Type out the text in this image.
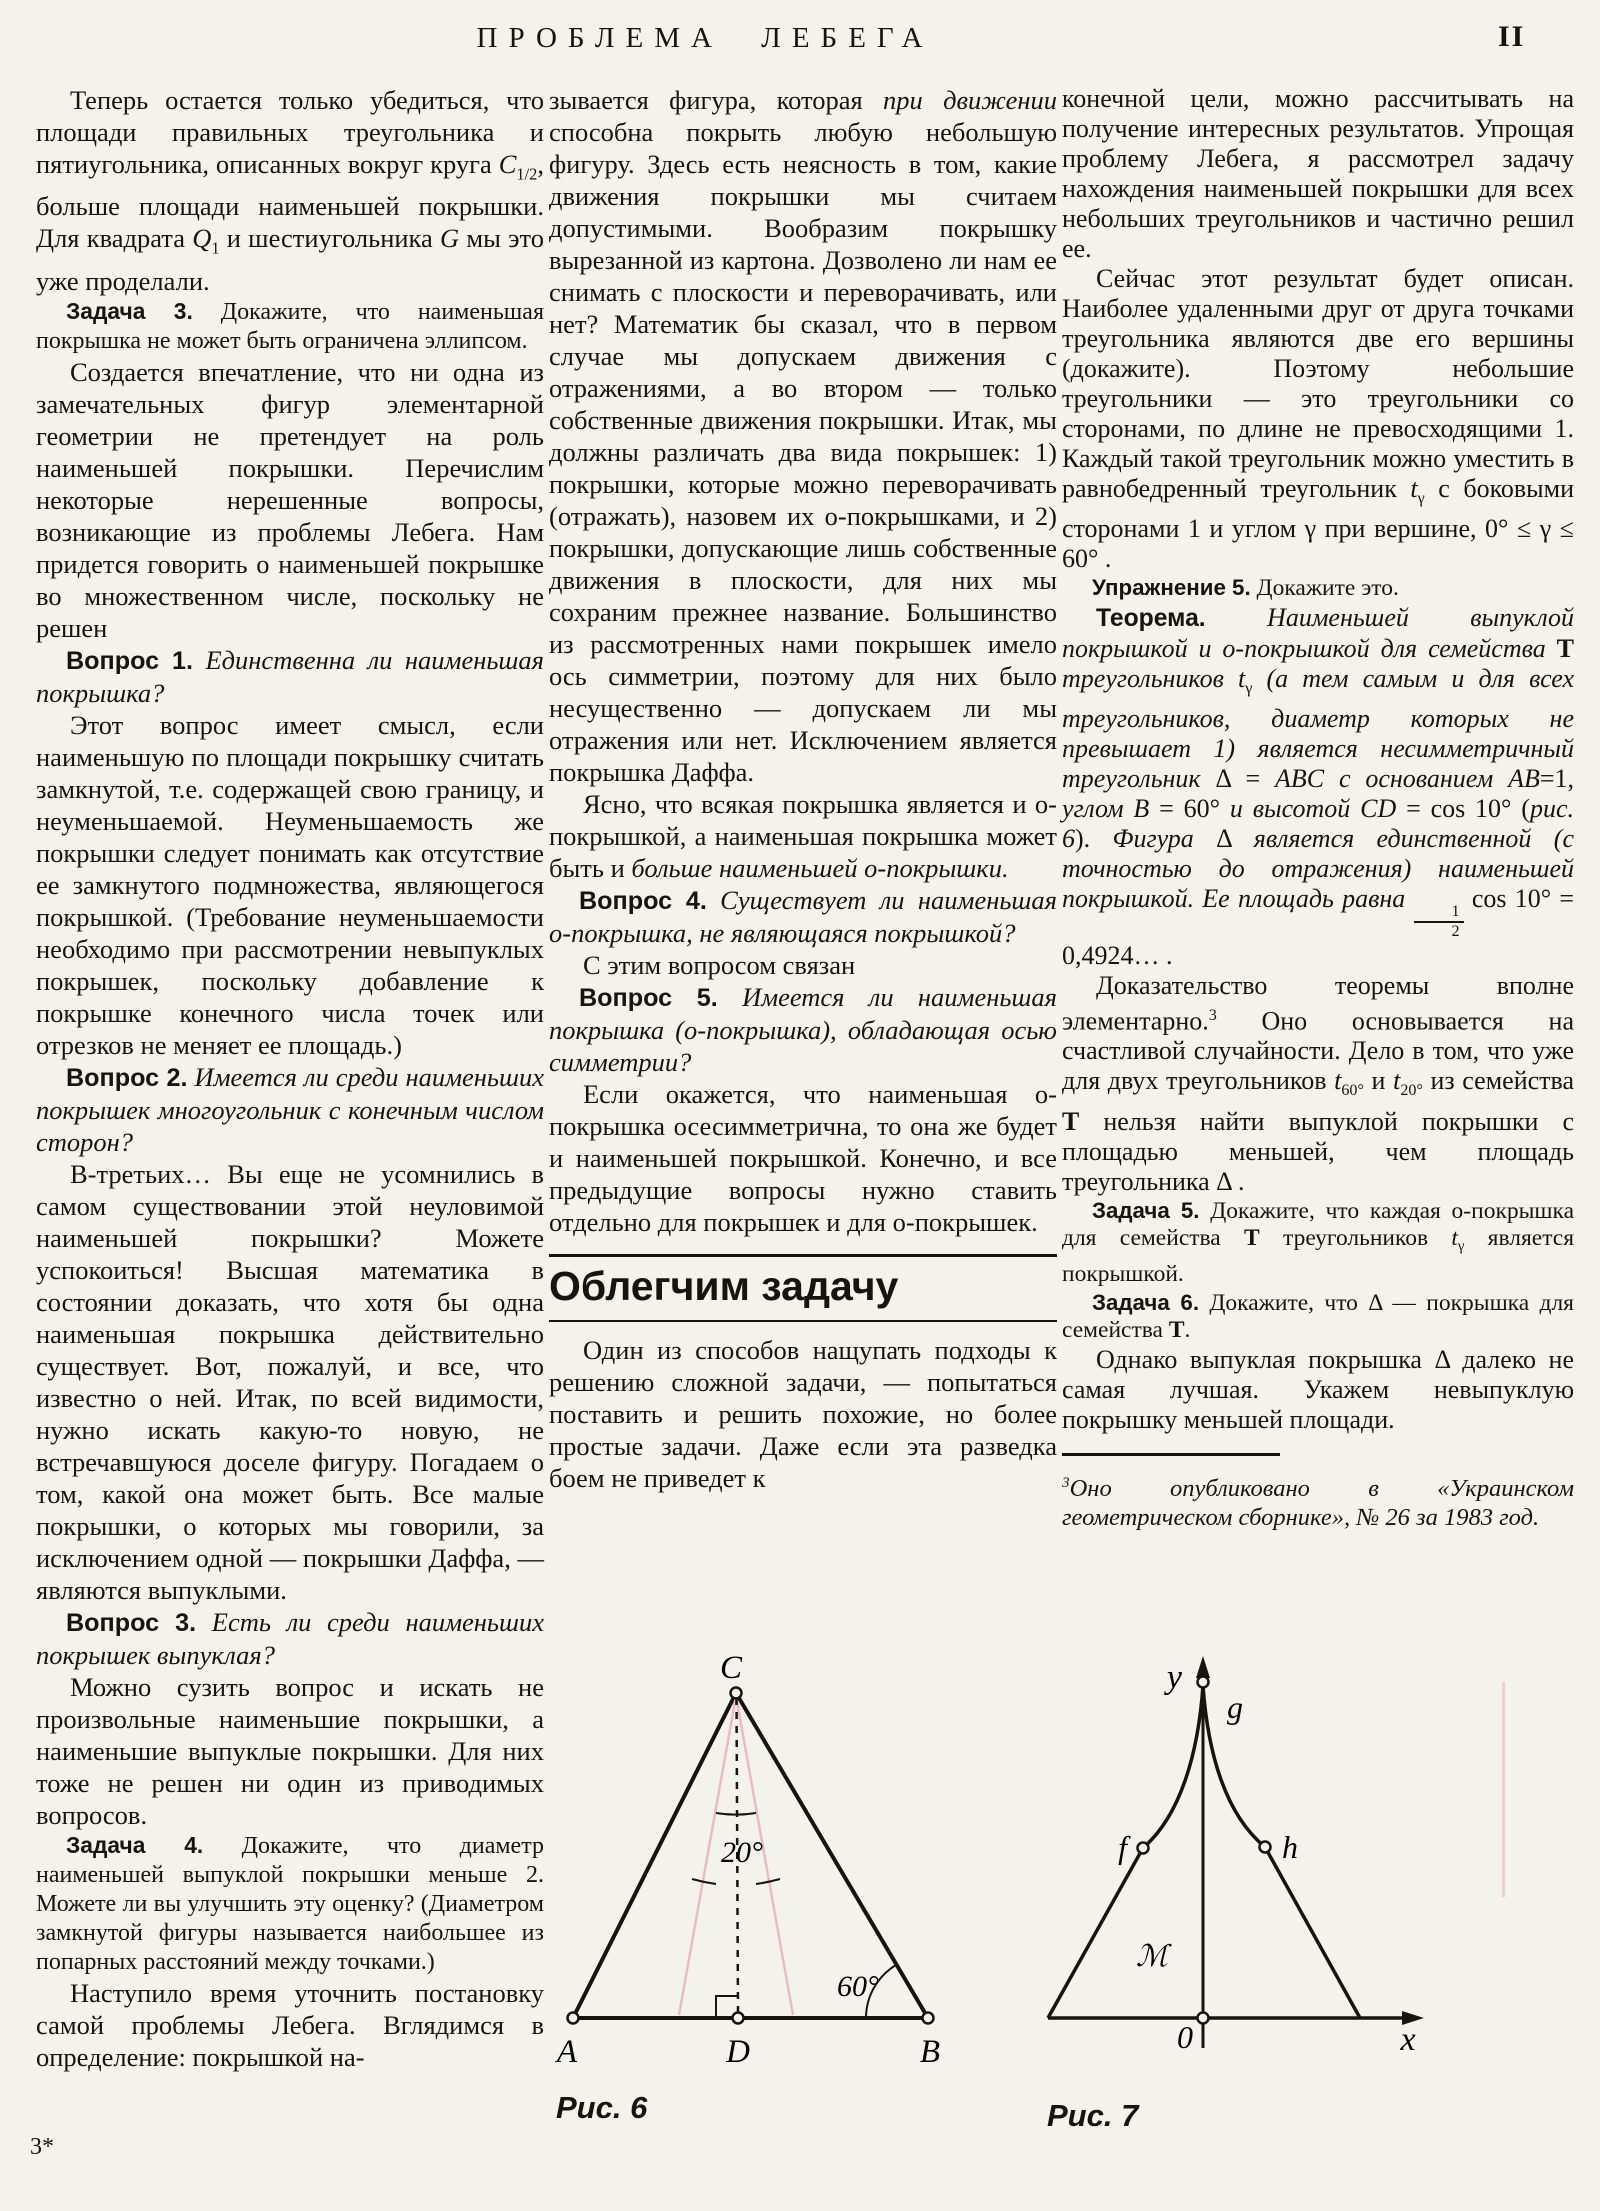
ПРОБЛЕМА ЛЕБЕГА	II

Теперь остается только убедиться, что площади правильных треугольника и пятиугольника, описанных вокруг круга $C_{1/2}$, больше площади наименьшей покрышки. Для квадрата $Q_1$ и шестиугольника G мы это уже проделали.

Задача 3. Докажите, что наименьшая покрышка не может быть ограничена эллипсом.

Создается впечатление, что ни одна из замечательных фигур элементарной геометрии не претендует на роль наименьшей покрышки. Перечислим некоторые нерешенные вопросы, возникающие из проблемы Лебега. Нам придется говорить о наименьшей покрышке во множественном числе, поскольку не решен

Вопрос 1. Единственна ли наименьшая покрышка?

Этот вопрос имеет смысл, если наименьшую по площади покрышку считать замкнутой, т.е. содержащей свою границу, и неуменьшаемой. Неуменьшаемость же покрышки следует понимать как отсутствие ее замкнутого подмножества, являющегося покрышкой. (Требование неуменьшаемости необходимо при рассмотрении невыпуклых покрышек, поскольку добавление к покрышке конечного числа точек или отрезков не меняет ее площадь.)

Вопрос 2. Имеется ли среди наименьших покрышек многоугольник с конечным числом сторон?

В-третьих… Вы еще не усомнились в самом существовании этой неуловимой наименьшей покрышки? Можете успокоиться! Высшая математика в состоянии доказать, что хотя бы одна наименьшая покрышка действительно существует. Вот, пожалуй, и все, что известно о ней. Итак, по всей видимости, нужно искать какую-то новую, не встречавшуюся доселе фигуру. Погадаем о том, какой она может быть. Все малые покрышки, о которых мы говорили, за исключением одной — покрышки Даффа, — являются выпуклыми.

Вопрос 3. Есть ли среди наименьших покрышек выпуклая?

Можно сузить вопрос и искать не произвольные наименьшие покрышки, а наименьшие выпуклые покрышки. Для них тоже не решен ни один из приводимых вопросов.

Задача 4. Докажите, что диаметр наименьшей выпуклой покрышки меньше 2. Можете ли вы улучшить эту оценку? (Диаметром замкнутой фигуры называется наибольшее из попарных расстояний между точками.)

Наступило время уточнить постановку самой проблемы Лебега. Вглядимся в определение: покрышкой на-

зывается фигура, которая при движении способна покрыть любую небольшую фигуру. Здесь есть неясность в том, какие движения покрышки мы считаем допустимыми. Вообразим покрышку вырезанной из картона. Дозволено ли нам ее снимать с плоскости и переворачивать, или нет? Математик бы сказал, что в первом случае мы допускаем движения с отражениями, а во втором — только собственные движения покрышки. Итак, мы должны различать два вида покрышек: 1) покрышки, которые можно переворачивать (отражать), назовем их о-покрышками, и 2) покрышки, допускающие лишь собственные движения в плоскости, для них мы сохраним прежнее название. Большинство из рассмотренных нами покрышек имело ось симметрии, поэтому для них было несущественно — допускаем ли мы отражения или нет. Исключением является покрышка Даффа.

Ясно, что всякая покрышка является и о-покрышкой, а наименьшая покрышка может быть и больше наименьшей о-покрышки.

Вопрос 4. Существует ли наименьшая о-покрышка, не являющаяся покрышкой?

С этим вопросом связан

Вопрос 5. Имеется ли наименьшая покрышка (о-покрышка), обладающая осью симметрии?

Если окажется, что наименьшая о-покрышка осесимметрична, то она же будет и наименьшей покрышкой. Конечно, и все предыдущие вопросы нужно ставить отдельно для покрышек и для о-покрышек.

Облегчим задачу

Один из способов нащупать подходы к решению сложной задачи, — попытаться поставить и решить похожие, но более простые задачи. Даже если эта разведка боем не приведет к

конечной цели, можно рассчитывать на получение интересных результатов. Упрощая проблему Лебега, я рассмотрел задачу нахождения наименьшей покрышки для всех небольших треугольников и частично решил ее.

Сейчас этот результат будет описан. Наиболее удаленными друг от друга точками треугольника являются две его вершины (докажите). Поэтому небольшие треугольники — это треугольники со сторонами, по длине не превосходящими 1. Каждый такой треугольник можно уместить в равнобедренный треугольник $t_\gamma$ с боковыми сторонами 1 и углом γ при вершине, 0° ≤ γ ≤ 60° .

Упражнение 5. Докажите это.

Теорема. Наименьшей выпуклой покрышкой и о-покрышкой для семейства T треугольников $t_\gamma$ (а тем самым и для всех треугольников, диаметр которых не превышает 1) является несимметричный треугольник Δ = ABC с основанием AB=1, углом B = 60° и высотой CD = cos 10° (рис. 6). Фигура Δ является единственной (с точностью до отражения) наименьшей покрышкой. Ее площадь равна
$\frac{1}{2}$
cos 10° = 0,4924… .

Доказательство теоремы вполне элементарно.$^3$ Оно основывается на счастливой случайности. Дело в том, что уже для двух треугольников $t_{60^\circ}$ и $t_{20^\circ}$ из семейства T нельзя найти выпуклой покрышки с площадью меньшей, чем площадь треугольника Δ .

Задача 5. Докажите, что каждая о-покрышка для семейства T треугольников $t_\gamma$ является покрышкой.

Задача 6. Докажите, что Δ — покрышка для семейства T.

Однако выпуклая покрышка Δ далеко не самая лучшая. Укажем невыпуклую покрышку меньшей площади.

$^3$Оно опубликовано в «Украинском геометрическом сборнике», № 26 за 1983 год.
C
A	D	B
20°
60°
Рис. 6
y
g
f	h
ℳ
0	x
Рис. 7
3*
